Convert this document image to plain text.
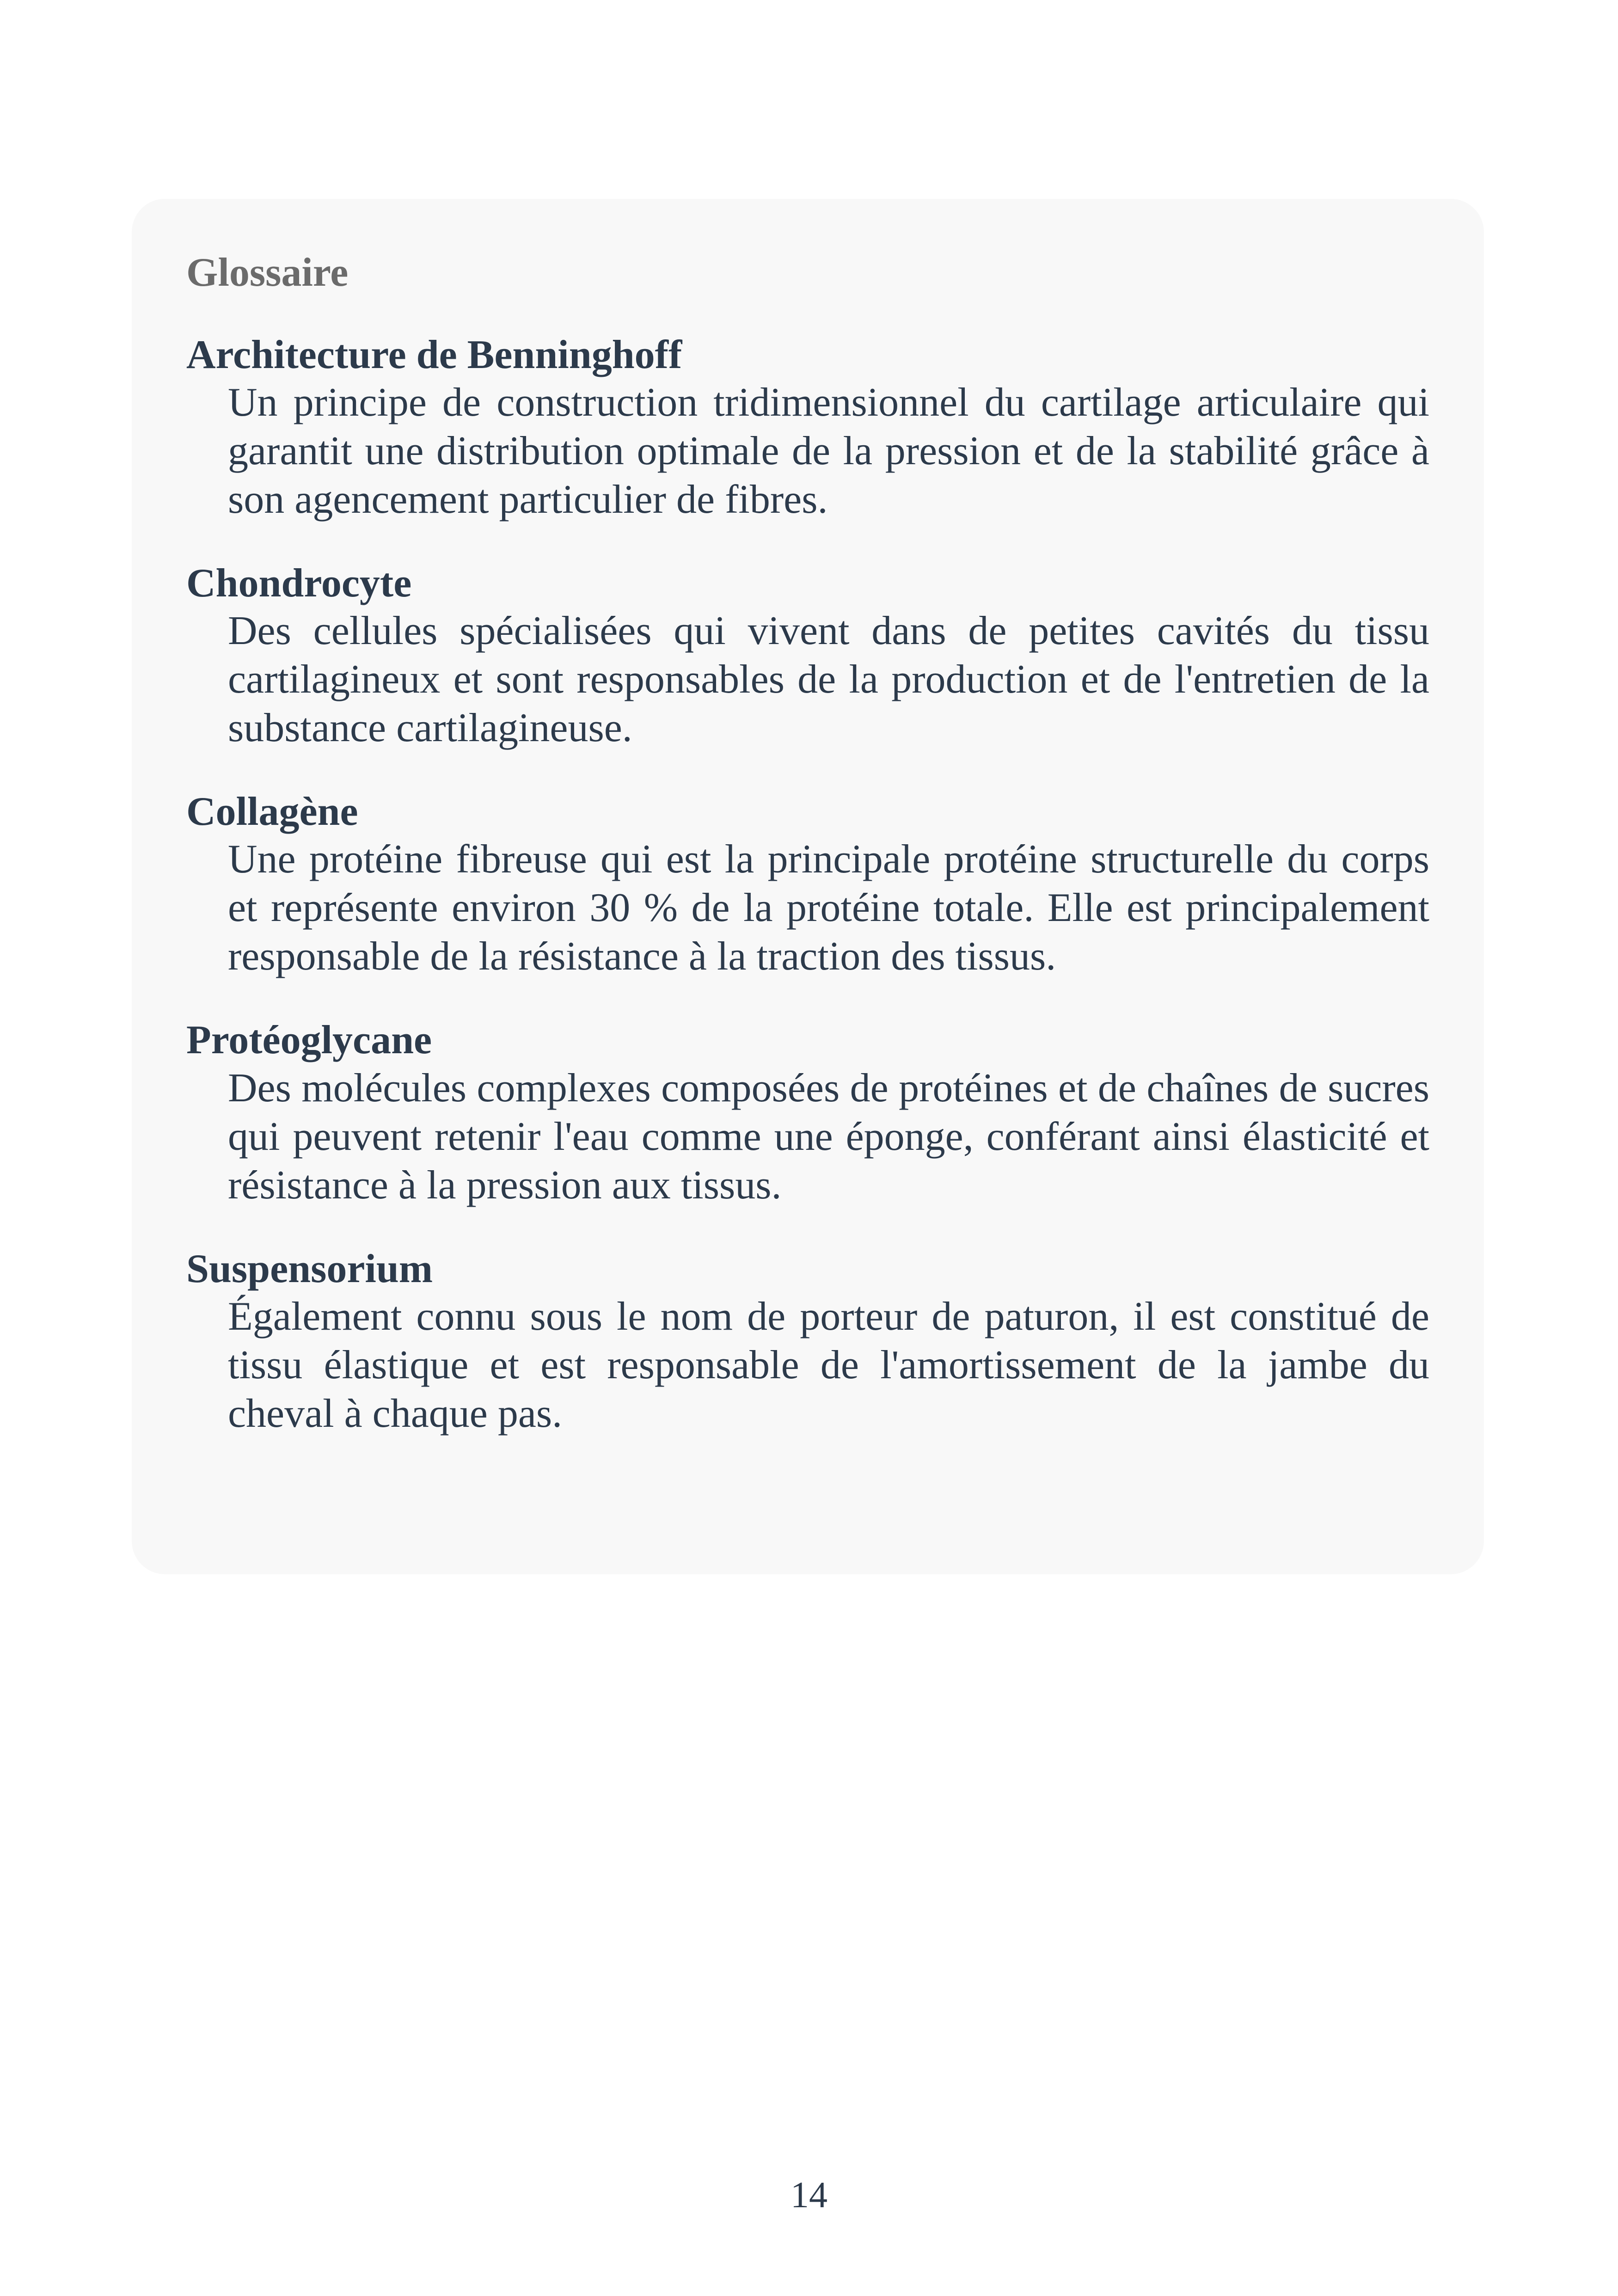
Glossaire
Architecture de Benninghoff
Un principe de construction tridimensionnel du cartilage articulaire qui garantit une distribution optimale de la pression et de la stabilité grâce à son agencement particulier de fibres.
Chondrocyte
Des cellules spécialisées qui vivent dans de petites cavités du tissu cartilagineux et sont responsables de la production et de l'entretien de la substance cartilagineuse.
Collagène
Une protéine fibreuse qui est la principale protéine structurelle du corps et représente environ 30 % de la protéine totale. Elle est principalement responsable de la résistance à la traction des tissus.
Protéoglycane
Des molécules complexes composées de protéines et de chaînes de sucres qui peuvent retenir l'eau comme une éponge, conférant ainsi élasticité et résistance à la pression aux tissus.
Suspensorium
Également connu sous le nom de porteur de paturon, il est constitué de tissu élastique et est responsable de l'amortissement de la jambe du cheval à chaque pas.
14
